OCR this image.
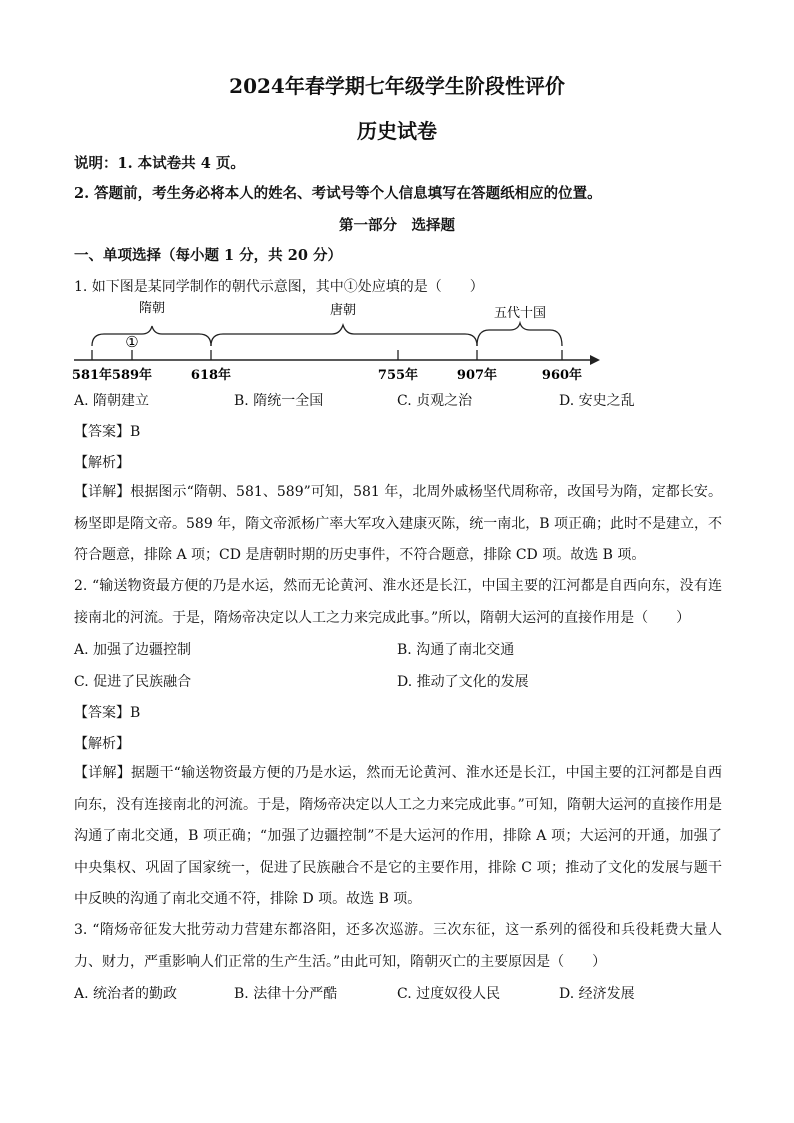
2024年春学期七年级学生阶段性评价
历史试卷
说明：1. 本试卷共 4 页。
2. 答题前，考生务必将本人的姓名、考试号等个人信息填写在答题纸相应的位置。
第一部分　选择题
一、单项选择（每小题 1 分，共 20 分）
1. 如下图是某同学制作的朝代示意图，其中①处应填的是（　　）
隋朝	唐朝	五代十国
①
581年 589年	618年	755年	907年	960年
A. 隋朝建立	B. 隋统一全国	C. 贞观之治	D. 安史之乱
【答案】B
【解析】
【详解】根据图示“隋朝、581、589”可知，581 年，北周外戚杨坚代周称帝，改国号为隋，定都长安。杨坚即是隋文帝。589 年，隋文帝派杨广率大军攻入建康灭陈，统一南北，B 项正确；此时不是建立，不符合题意，排除 A 项；CD 是唐朝时期的历史事件，不符合题意，排除 CD 项。故选 B 项。
2. “输送物资最方便的乃是水运，然而无论黄河、淮水还是长江，中国主要的江河都是自西向东，没有连接南北的河流。于是，隋炀帝决定以人工之力来完成此事。”所以，隋朝大运河的直接作用是（　　）
A. 加强了边疆控制	B. 沟通了南北交通
C. 促进了民族融合	D. 推动了文化的发展
【答案】B
【解析】
【详解】据题干“输送物资最方便的乃是水运，然而无论黄河、淮水还是长江，中国主要的江河都是自西向东，没有连接南北的河流。于是，隋炀帝决定以人工之力来完成此事。”可知，隋朝大运河的直接作用是沟通了南北交通，B 项正确；“加强了边疆控制”不是大运河的作用，排除 A 项；大运河的开通，加强了中央集权、巩固了国家统一，促进了民族融合不是它的主要作用，排除 C 项；推动了文化的发展与题干中反映的沟通了南北交通不符，排除 D 项。故选 B 项。
3. “隋炀帝征发大批劳动力营建东都洛阳，还多次巡游。三次东征，这一系列的徭役和兵役耗费大量人力、财力，严重影响人们正常的生产生活。”由此可知，隋朝灭亡的主要原因是（　　）
A. 统治者的勤政	B. 法律十分严酷	C. 过度奴役人民	D. 经济发展
